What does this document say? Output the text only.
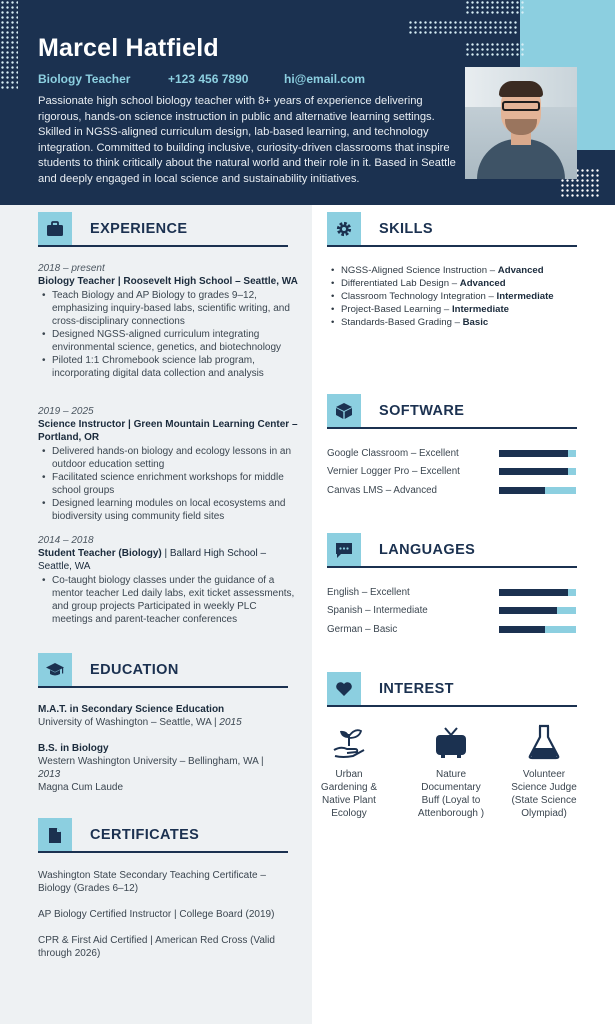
Marcel Hatfield
Biology Teacher	+123 456 7890	hi@email.com
Passionate high school biology teacher with 8+ years of experience delivering rigorous, hands-on science instruction in public and alternative learning settings. Skilled in NGSS-aligned curriculum design, lab-based learning, and technology integration. Committed to building inclusive, curiosity-driven classrooms that inspire students to think critically about the natural world and their role in it. Based in Seattle and deeply engaged in local science and sustainability initiatives.
EXPERIENCE
2018 – present
Biology Teacher | Roosevelt High School – Seattle, WA
• Teach Biology and AP Biology to grades 9–12, emphasizing inquiry-based labs, scientific writing, and cross-disciplinary connections
• Designed NGSS-aligned curriculum integrating environmental science, genetics, and biotechnology
• Piloted 1:1 Chromebook science lab program, incorporating digital data collection and analysis
2019 – 2025
Science Instructor | Green Mountain Learning Center – Portland, OR
• Delivered hands-on biology and ecology lessons in an outdoor education setting
• Facilitated science enrichment workshops for middle school groups
• Designed learning modules on local ecosystems and biodiversity using community field sites
2014 – 2018
Student Teacher (Biology) | Ballard High School – Seattle, WA
• Co-taught biology classes under the guidance of a mentor teacher Led daily labs, exit ticket assessments, and group projects Participated in weekly PLC meetings and parent-teacher conferences
EDUCATION
M.A.T. in Secondary Science Education
University of Washington – Seattle, WA | 2015
B.S. in Biology
Western Washington University – Bellingham, WA | 2013
Magna Cum Laude
CERTIFICATES

Washington State Secondary Teaching Certificate – Biology (Grades 6–12)

AP Biology Certified Instructor | College Board (2019)

CPR & First Aid Certified | American Red Cross (Valid through 2026)

SKILLS
• NGSS-Aligned Science Instruction – Advanced
• Differentiated Lab Design – Advanced
• Classroom Technology Integration – Intermediate
• Project-Based Learning – Intermediate
• Standards-Based Grading – Basic
SOFTWARE
Google Classroom – Excellent
Vernier Logger Pro – Excellent
Canvas LMS – Advanced
LANGUAGES
English – Excellent
Spanish – Intermediate
German – Basic
INTEREST
Urban Gardening & Native Plant Ecology
Nature Documentary Buff (Loyal to Attenborough )
Volunteer Science Judge (State Science Olympiad)
